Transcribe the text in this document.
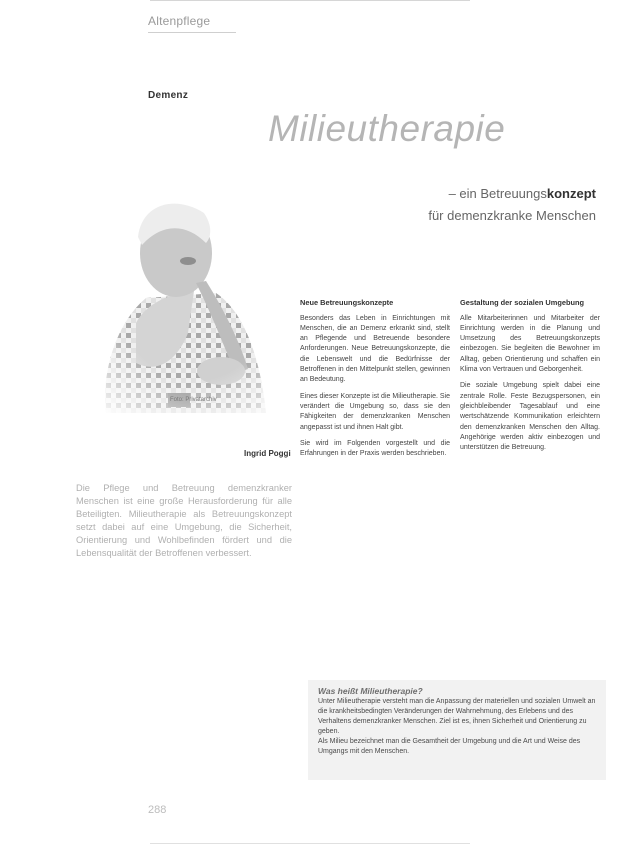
Altenpflege
Demenz
Milieutherapie
– ein Betreuungskonzept
für demenzkranke Menschen
Foto: Privatarchiv
Ingrid Poggi
Die Pflege und Betreuung demenzkranker Menschen ist eine große Herausforderung für alle Beteiligten. Milieutherapie als Betreuungskonzept setzt dabei auf eine Umgebung, die Sicherheit, Orientierung und Wohlbefinden fördert und die Lebensqualität der Betroffenen verbessert.
Neue Betreuungskonzepte

Besonders das Leben in Einrichtungen mit Menschen, die an Demenz erkrankt sind, stellt an Pflegende und Betreuende besondere Anforderungen. Neue Betreuungskonzepte, die die Lebenswelt und die Bedürfnisse der Betroffenen in den Mittelpunkt stellen, gewinnen an Bedeutung.

Eines dieser Konzepte ist die Milieutherapie. Sie verändert die Umgebung so, dass sie den Fähigkeiten der demenzkranken Menschen angepasst ist und ihnen Halt gibt.

Sie wird im Folgenden vorgestellt und die Erfahrungen in der Praxis werden beschrieben.

Gestaltung der sozialen Umgebung

Alle Mitarbeiterinnen und Mitarbeiter der Einrichtung werden in die Planung und Umsetzung des Betreuungskonzepts einbezogen. Sie begleiten die Bewohner im Alltag, geben Orientierung und schaffen ein Klima von Vertrauen und Geborgenheit.

Die soziale Umgebung spielt dabei eine zentrale Rolle. Feste Bezugspersonen, ein gleichbleibender Tagesablauf und eine wertschätzende Kommunikation erleichtern den demenzkranken Menschen den Alltag. Angehörige werden aktiv einbezogen und unterstützen die Betreuung.

Was heißt Milieutherapie?

Unter Milieutherapie versteht man die Anpassung der materiellen und sozialen Umwelt an die krankheitsbedingten Veränderungen der Wahrnehmung, des Erlebens und des Verhaltens demenzkranker Menschen. Ziel ist es, ihnen Sicherheit und Orientierung zu geben.

Als Milieu bezeichnet man die Gesamtheit der Umgebung und die Art und Weise des Umgangs mit den Menschen.

288
